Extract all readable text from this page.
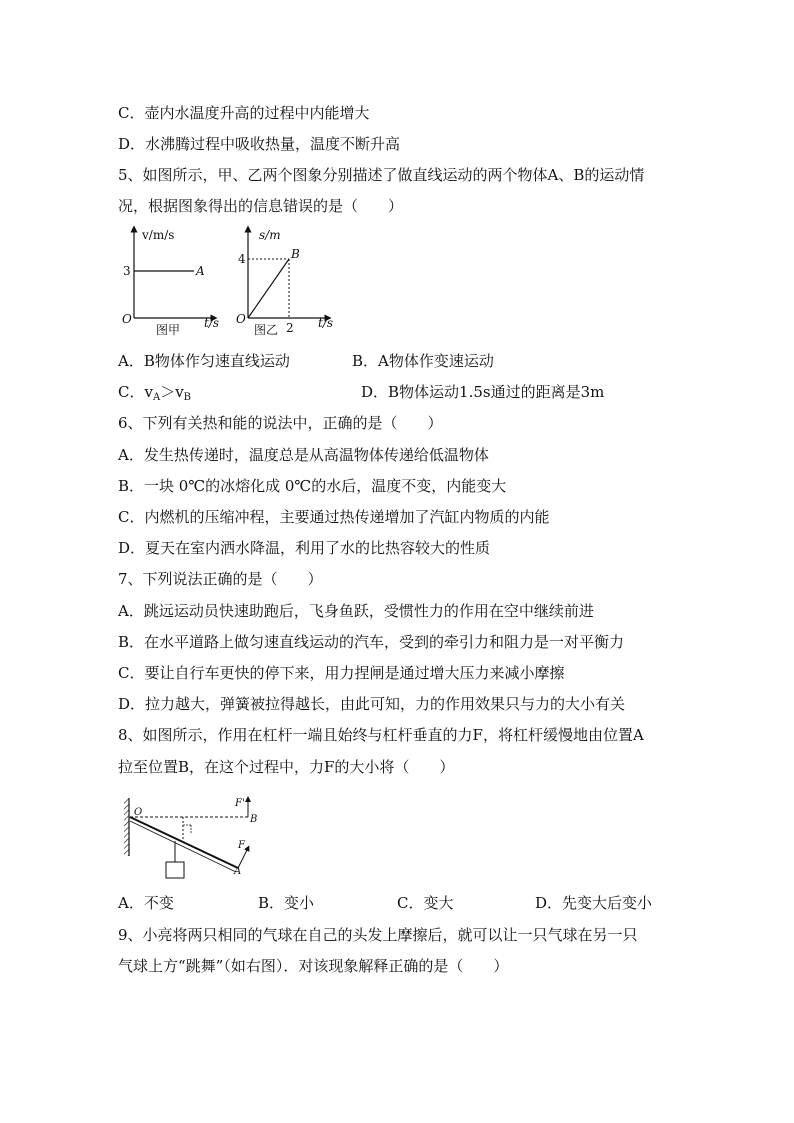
C．壶内水温度升高的过程中内能增大
D．水沸腾过程中吸收热量，温度不断升高
5、如图所示，甲、乙两个图象分别描述了做直线运动的两个物体A、B的运动情
况，根据图象得出的信息错误的是（　　）
v/m/s
3	A
O
图甲 t/s
s/m
4	B
O
图乙 2 t/s
A．B物体作匀速直线运动	B．A物体作变速运动
C．$v_A>v_B$	D．B物体运动1.5s通过的距离是3m
6、下列有关热和能的说法中，正确的是（　　）
A．发生热传递时，温度总是从高温物体传递给低温物体
B．一块 0℃的冰熔化成 0℃的水后，温度不变，内能变大
C．内燃机的压缩冲程，主要通过热传递增加了汽缸内物质的内能
D．夏天在室内洒水降温，利用了水的比热容较大的性质
7、下列说法正确的是（　　）
A．跳远运动员快速助跑后，飞身鱼跃，受惯性力的作用在空中继续前进
B．在水平道路上做匀速直线运动的汽车，受到的牵引力和阻力是一对平衡力
C．要让自行车更快的停下来，用力捏闸是通过增大压力来减小摩擦
D．拉力越大，弹簧被拉得越长，由此可知，力的作用效果只与力的大小有关
8、如图所示，作用在杠杆一端且始终与杠杆垂直的力F，将杠杆缓慢地由位置A
拉至位置B，在这个过程中，力F的大小将（　　）
O
F'
B
F
A
A．不变	B．变小	C．变大	D．先变大后变小
9、小亮将两只相同的气球在自己的头发上摩擦后，就可以让一只气球在另一只
气球上方“跳舞”（如右图）．对该现象解释正确的是（　　）
